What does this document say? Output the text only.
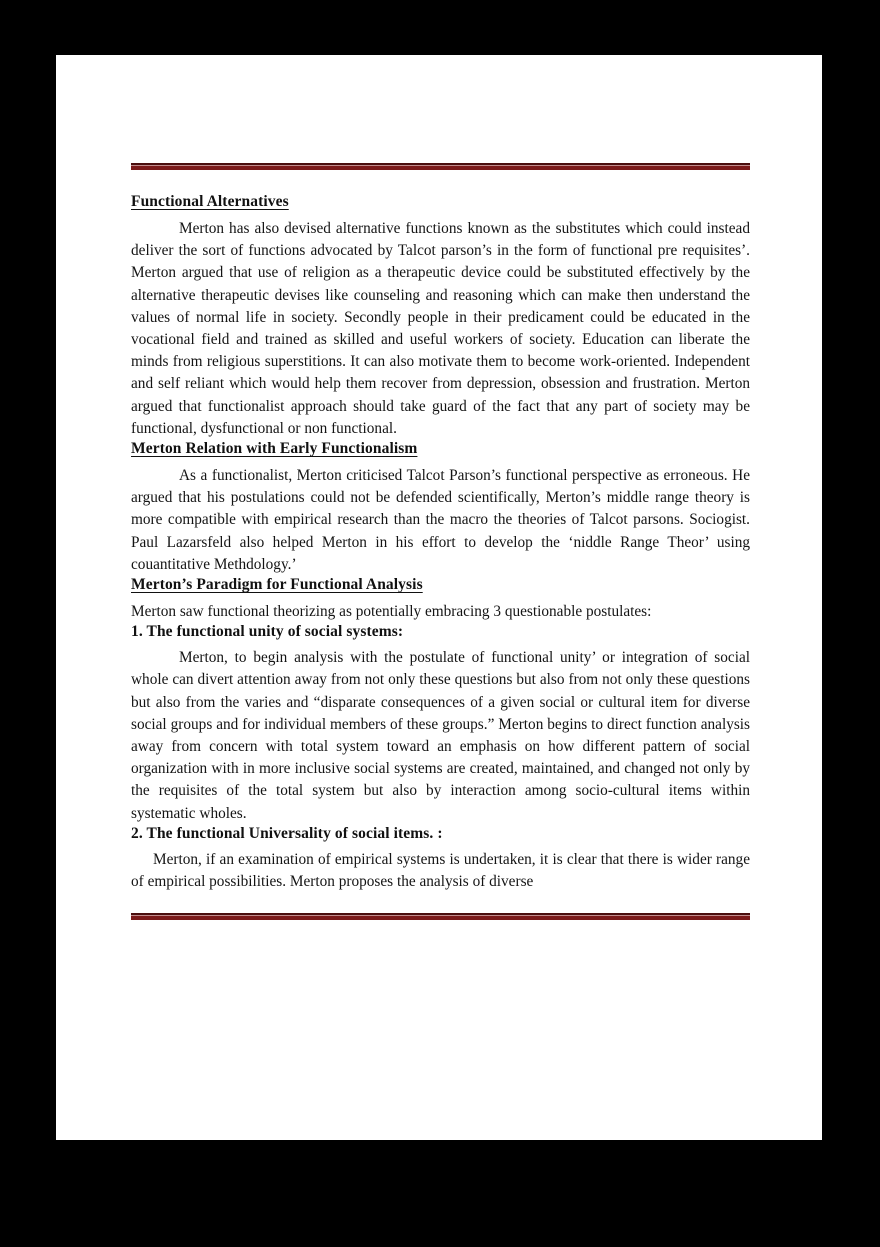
Functional Alternatives

Merton has also devised alternative functions known as the substitutes which could instead deliver the sort of functions advocated by Talcot parson’s in the form of functional pre requisites’. Merton argued that use of religion as a therapeutic device could be substituted effectively by the alternative therapeutic devises like counseling and reasoning which can make then understand the values of normal life in society. Secondly people in their predicament could be educated in the vocational field and trained as skilled and useful workers of society. Education can liberate the minds from religious superstitions. It can also motivate them to become work-oriented. Independent and self reliant which would help them recover from depression, obsession and frustration. Merton argued that functionalist approach should take guard of the fact that any part of society may be functional, dysfunctional or non functional.

Merton Relation with Early Functionalism

As a functionalist, Merton criticised Talcot Parson’s functional perspective as erroneous. He argued that his postulations could not be defended scientifically, Merton’s middle range theory is more compatible with empirical research than the macro the theories of Talcot parsons. Sociogist. Paul Lazarsfeld also helped Merton in his effort to develop the ‘niddle Range Theor’ using couantitative Methdology.’

Merton’s Paradigm for Functional Analysis

Merton saw functional theorizing as potentially embracing 3 questionable postulates:

1. The functional unity of social systems:

Merton, to begin analysis with the postulate of functional unity’ or integration of social whole can divert attention away from not only these questions but also from not only these questions but also from the varies and “disparate consequences of a given social or cultural item for diverse social groups and for individual members of these groups.” Merton begins to direct function analysis away from concern with total system toward an emphasis on how different pattern of social organization with in more inclusive social systems are created, maintained, and changed not only by the requisites of the total system but also by interaction among socio-cultural items within systematic wholes.

2. The functional Universality of social items. :

Merton, if an examination of empirical systems is undertaken, it is clear that there is wider range of empirical possibilities. Merton proposes the analysis of diverse
